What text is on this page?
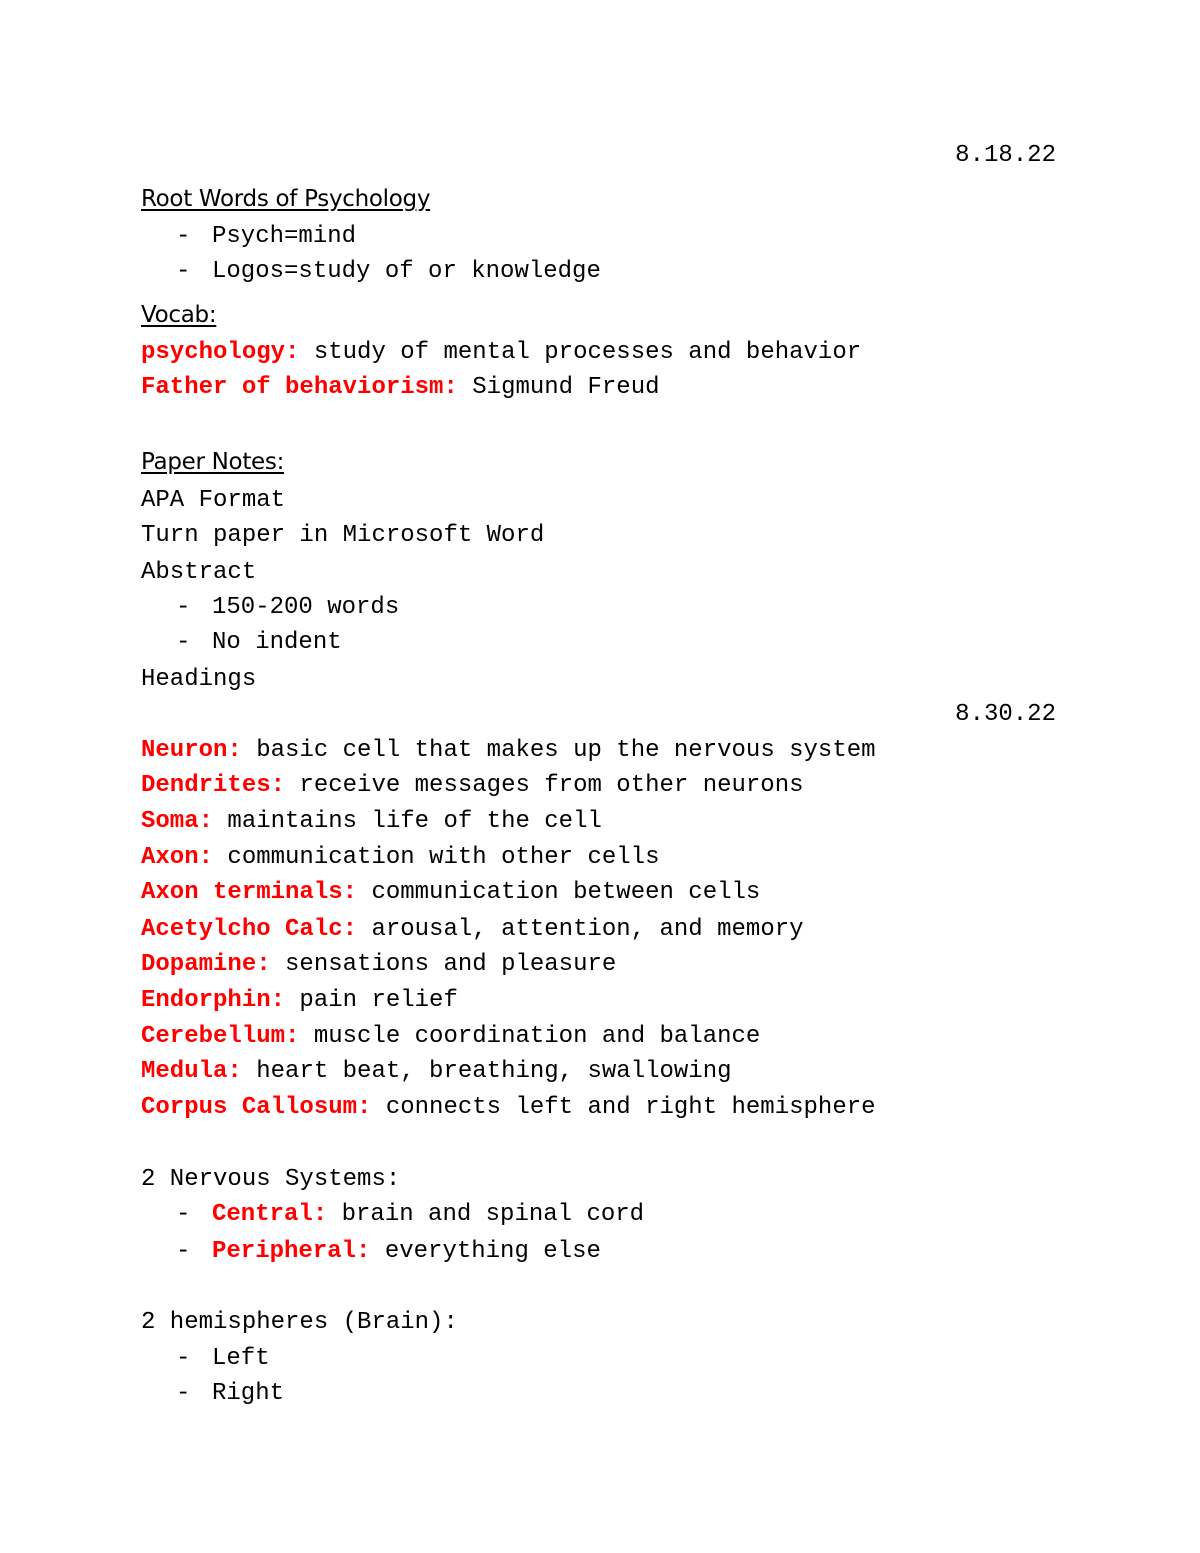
8.18.22
Root Words of Psychology
- Psych=mind
- Logos=study of or knowledge
Vocab:
psychology: study of mental processes and behavior
Father of behaviorism: Sigmund Freud
Paper Notes:
APA Format
Turn paper in Microsoft Word
Abstract
- 150-200 words
- No indent
Headings
8.30.22
Neuron: basic cell that makes up the nervous system
Dendrites: receive messages from other neurons
Soma: maintains life of the cell
Axon: communication with other cells
Axon terminals: communication between cells
Acetylcho Calc: arousal, attention, and memory
Dopamine: sensations and pleasure
Endorphin: pain relief
Cerebellum: muscle coordination and balance
Medula: heart beat, breathing, swallowing
Corpus Callosum: connects left and right hemisphere
2 Nervous Systems:
- Central: brain and spinal cord
- Peripheral: everything else
2 hemispheres (Brain):
- Left
- Right
